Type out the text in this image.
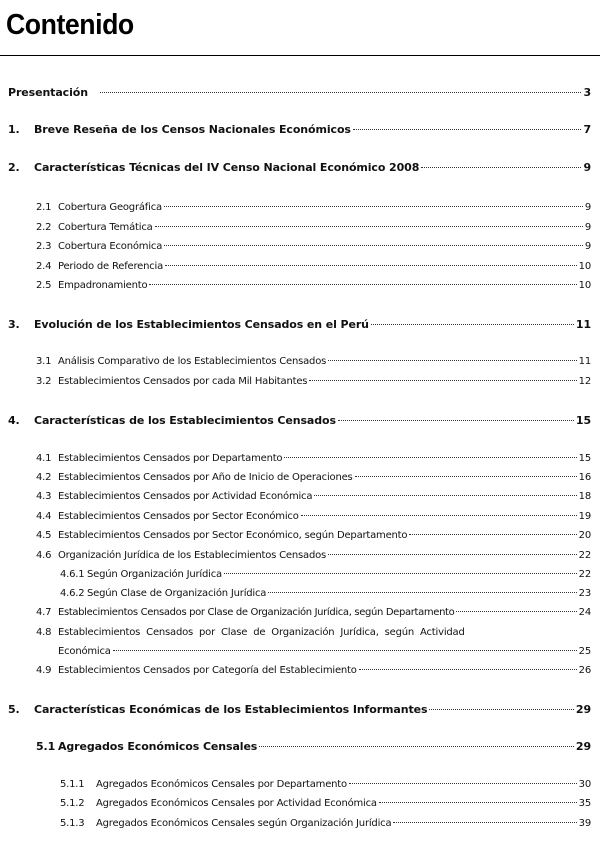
Contenido
Presentación	3
1.	Breve Reseña de los Censos Nacionales Económicos	7
2.	Características Técnicas del IV Censo Nacional Económico 2008	9
2.1 Cobertura Geográfica	9
2.2 Cobertura Temática	9
2.3 Cobertura Económica	9
2.4 Periodo de Referencia	10
2.5 Empadronamiento	10
3.	Evolución de los Establecimientos Censados en el Perú	11
3.1 Análisis Comparativo de los Establecimientos Censados	11
3.2 Establecimientos Censados por cada Mil Habitantes	12
4.	Características de los Establecimientos Censados	15
4.1 Establecimientos Censados por Departamento	15
4.2 Establecimientos Censados por Año de Inicio de Operaciones	16
4.3 Establecimientos Censados por Actividad Económica	18
4.4 Establecimientos Censados por Sector Económico	19
4.5 Establecimientos Censados por Sector Económico, según Departamento	20
4.6 Organización Jurídica de los Establecimientos Censados	22
4.6.1 Según Organización Jurídica	22
4.6.2 Según Clase de Organización Jurídica	23
4.7 Establecimientos Censados por Clase de Organización Jurídica, según Departamento	24
4.8 Establecimientos Censados por Clase de Organización Jurídica, según Actividad
Económica	25
4.9 Establecimientos Censados por Categoría del Establecimiento	26
5.	Características Económicas de los Establecimientos Informantes	29
5.1 Agregados Económicos Censales	29
5.1.1	Agregados Económicos Censales por Departamento	30
5.1.2	Agregados Económicos Censales por Actividad Económica	35
5.1.3	Agregados Económicos Censales según Organización Jurídica	39
